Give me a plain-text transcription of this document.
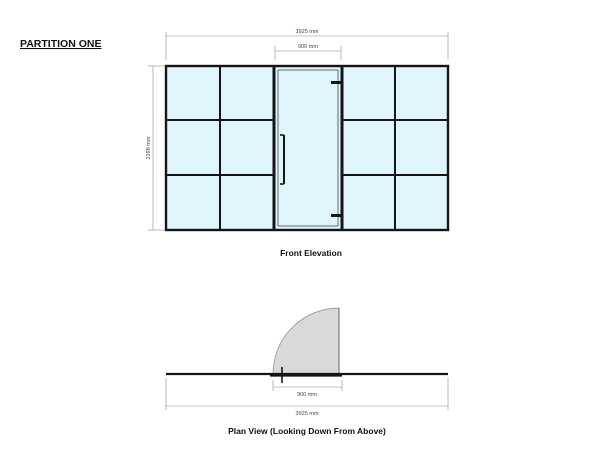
PARTITION ONE
3925 mm
900 mm
2298 mm
Front Elevation
900 mm
3925 mm
Plan View (Looking Down From Above)
